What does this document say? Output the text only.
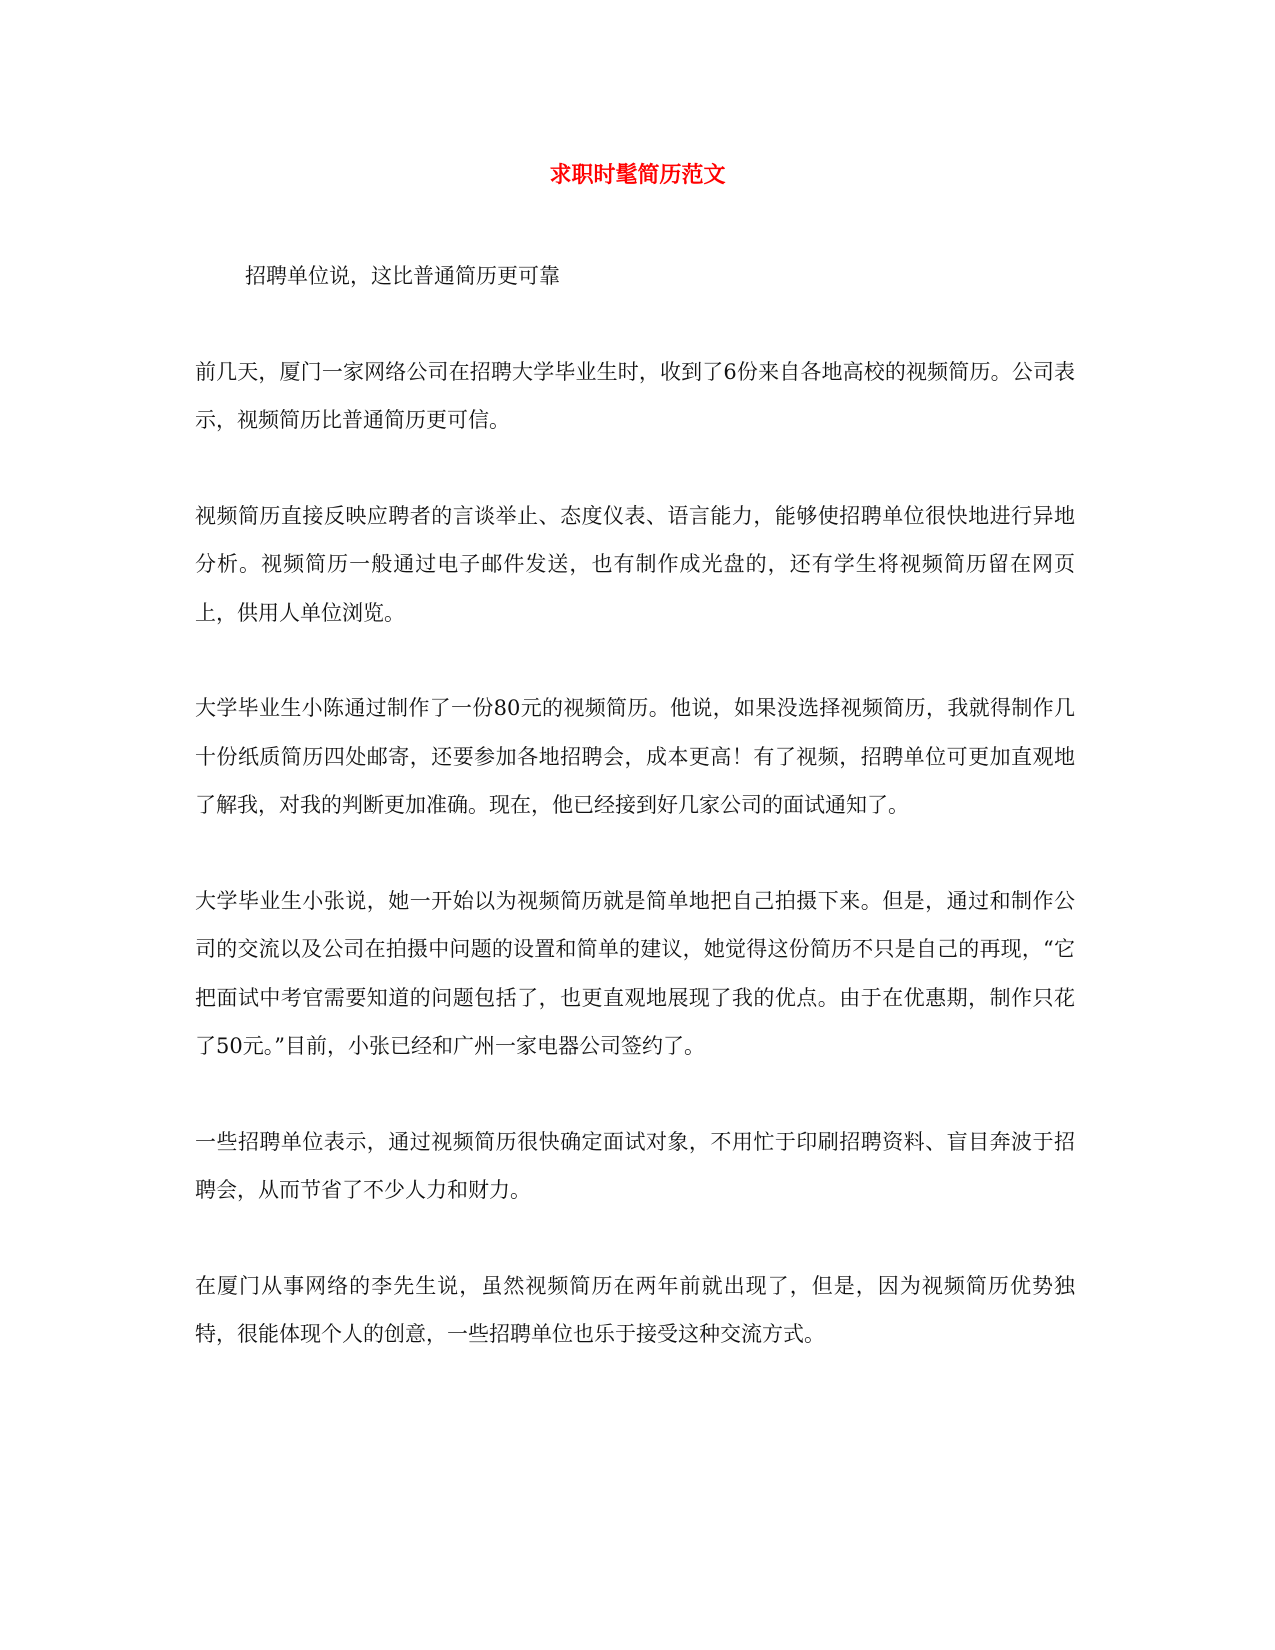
求职时髦简历范文

招聘单位说，这比普通简历更可靠

前几天，厦门一家网络公司在招聘大学毕业生时，收到了6份来自各地高校的视频简历。公司表示，视频简历比普通简历更可信。

视频简历直接反映应聘者的言谈举止、态度仪表、语言能力，能够使招聘单位很快地进行异地分析。视频简历一般通过电子邮件发送，也有制作成光盘的，还有学生将视频简历留在网页上，供用人单位浏览。

大学毕业生小陈通过制作了一份80元的视频简历。他说，如果没选择视频简历，我就得制作几十份纸质简历四处邮寄，还要参加各地招聘会，成本更高！有了视频，招聘单位可更加直观地了解我，对我的判断更加准确。现在，他已经接到好几家公司的面试通知了。

大学毕业生小张说，她一开始以为视频简历就是简单地把自己拍摄下来。但是，通过和制作公司的交流以及公司在拍摄中问题的设置和简单的建议，她觉得这份简历不只是自己的再现，“它把面试中考官需要知道的问题包括了，也更直观地展现了我的优点。由于在优惠期，制作只花了50元。”目前，小张已经和广州一家电器公司签约了。

一些招聘单位表示，通过视频简历很快确定面试对象，不用忙于印刷招聘资料、盲目奔波于招聘会，从而节省了不少人力和财力。

在厦门从事网络的李先生说，虽然视频简历在两年前就出现了，但是，因为视频简历优势独特，很能体现个人的创意，一些招聘单位也乐于接受这种交流方式。
